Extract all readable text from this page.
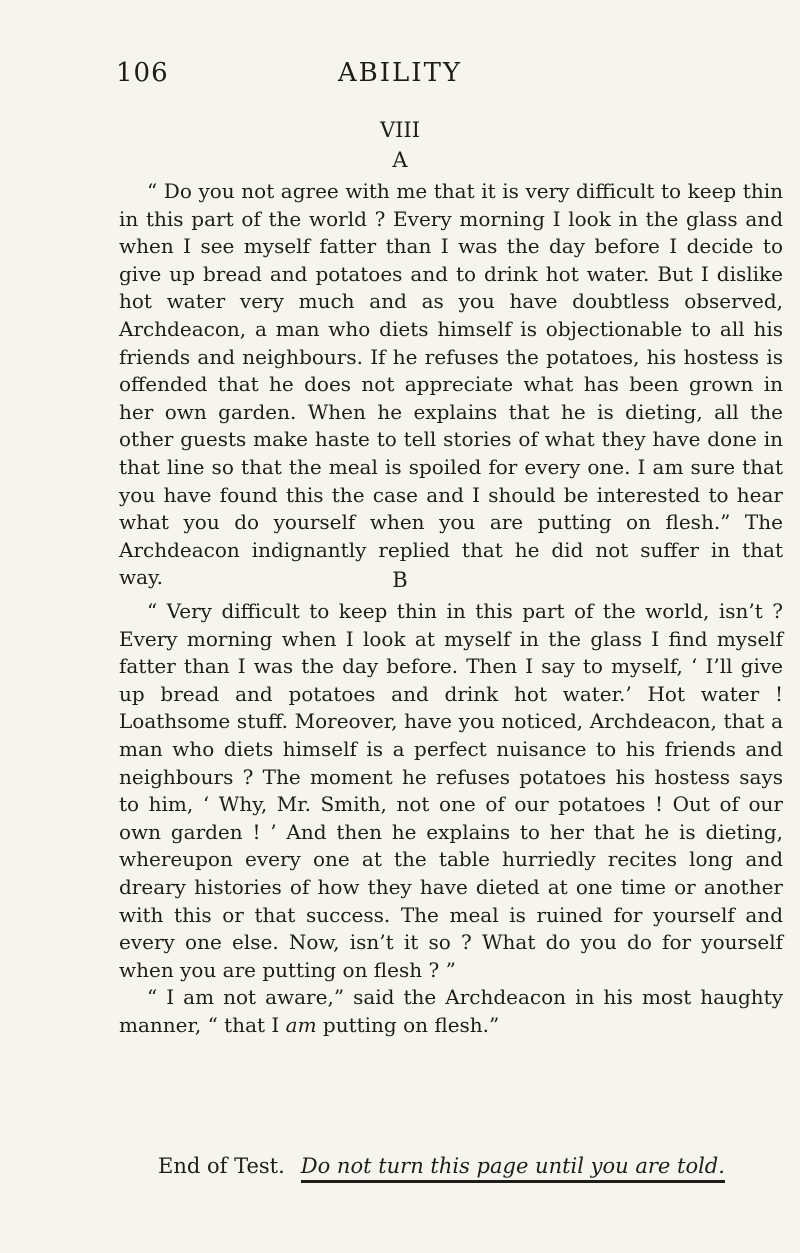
106	ABILITY
VIII
A

“ Do you not agree with me that it is very difficult to keep thin in this part of the world ? Every morning I look in the glass and when I see myself fatter than I was the day before I decide to give up bread and potatoes and to drink hot water. But I dislike hot water very much and as you have doubtless observed, Archdeacon, a man who diets himself is objectionable to all his friends and neighbours. If he refuses the potatoes, his hostess is offended that he does not appreciate what has been grown in her own garden. When he explains that he is dieting, all the other guests make haste to tell stories of what they have done in that line so that the meal is spoiled for every one. I am sure that you have found this the case and I should be interested to hear what you do yourself when you are putting on flesh.” The Archdeacon indignantly replied that he did not suffer in that way.	B

“ Very difficult to keep thin in this part of the world, isn’t ? Every morning when I look at myself in the glass I find myself fatter than I was the day before. Then I say to myself, ‘ I’ll give up bread and potatoes and drink hot water.’ Hot water ! Loathsome stuff. Moreover, have you noticed, Archdeacon, that a man who diets himself is a perfect nuisance to his friends and neighbours ? The moment he refuses potatoes his hostess says to him, ‘ Why, Mr. Smith, not one of our potatoes ! Out of our own garden ! ’ And then he explains to her that he is dieting, whereupon every one at the table hurriedly recites long and dreary histories of how they have dieted at one time or another with this or that success. The meal is ruined for yourself and every one else. Now, isn’t it so ? What do you do for yourself when you are putting on flesh ? ”

“ I am not aware,” said the Archdeacon in his most haughty manner, “ that I am putting on flesh.”

End of Test. Do not turn this page until you are told.
